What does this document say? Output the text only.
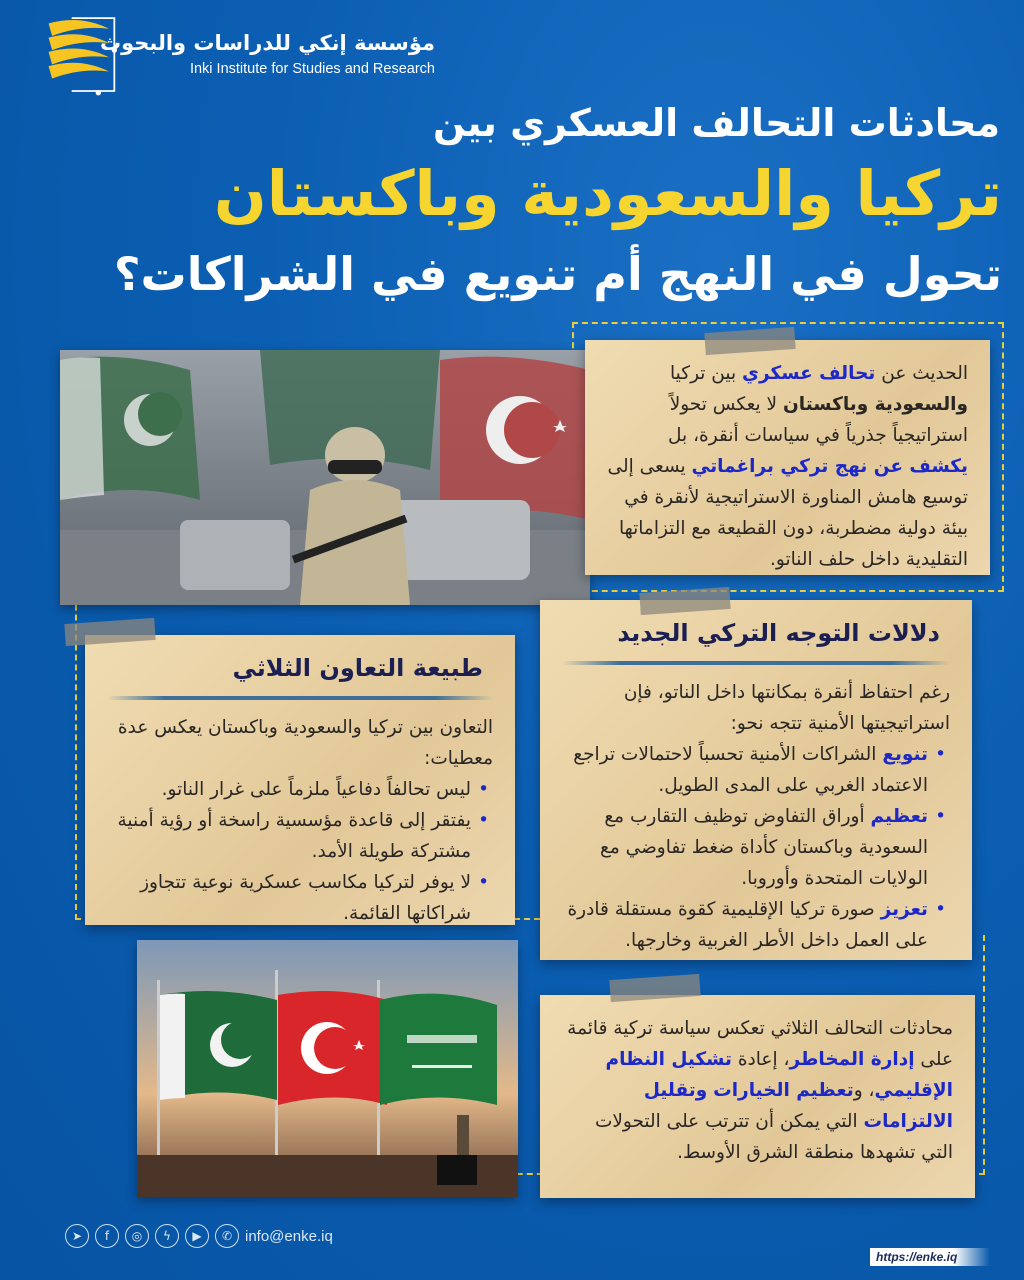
مؤسسة إنكي للدراسات والبحوث
Inki Institute for Studies and Research
محادثات التحالف العسكري بين
تركيا والسعودية وباكستان
تحول في النهج أم تنويع في الشراكات؟

الحديث عن تحالف عسكري بين تركيا والسعودية وباكستان لا يعكس تحولاً استراتيجياً جذرياً في سياسات أنقرة، بل يكشف عن نهج تركي براغماتي يسعى إلى توسيع هامش المناورة الاستراتيجية لأنقرة في بيئة دولية مضطربة، دون القطيعة مع التزاماتها التقليدية داخل حلف الناتو.

دلالات التوجه التركي الجديد

رغم احتفاظ أنقرة بمكانتها داخل الناتو، فإن استراتيجيتها الأمنية تتجه نحو:

• تنويع الشراكات الأمنية تحسباً لاحتمالات تراجع الاعتماد الغربي على المدى الطويل.
• تعظيم أوراق التفاوض توظيف التقارب مع السعودية وباكستان كأداة ضغط تفاوضي مع الولايات المتحدة وأوروبا.
• تعزيز صورة تركيا الإقليمية كقوة مستقلة قادرة على العمل داخل الأطر الغربية وخارجها.
طبيعة التعاون الثلاثي

التعاون بين تركيا والسعودية وباكستان يعكس عدة معطيات:

• ليس تحالفاً دفاعياً ملزماً على غرار الناتو.
• يفتقر إلى قاعدة مؤسسية راسخة أو رؤية أمنية مشتركة طويلة الأمد.
• لا يوفر لتركيا مكاسب عسكرية نوعية تتجاوز شراكاتها القائمة.

محادثات التحالف الثلاثي تعكس سياسة تركية قائمة على إدارة المخاطر، إعادة تشكيل النظام الإقليمي، وتعظيم الخيارات وتقليل الالتزامات التي يمكن أن تترتب على التحولات التي تشهدها منطقة الشرق الأوسط.

➤	f	◎	ϟ	▶	✆ info@enke.iq
https://enke.iq
